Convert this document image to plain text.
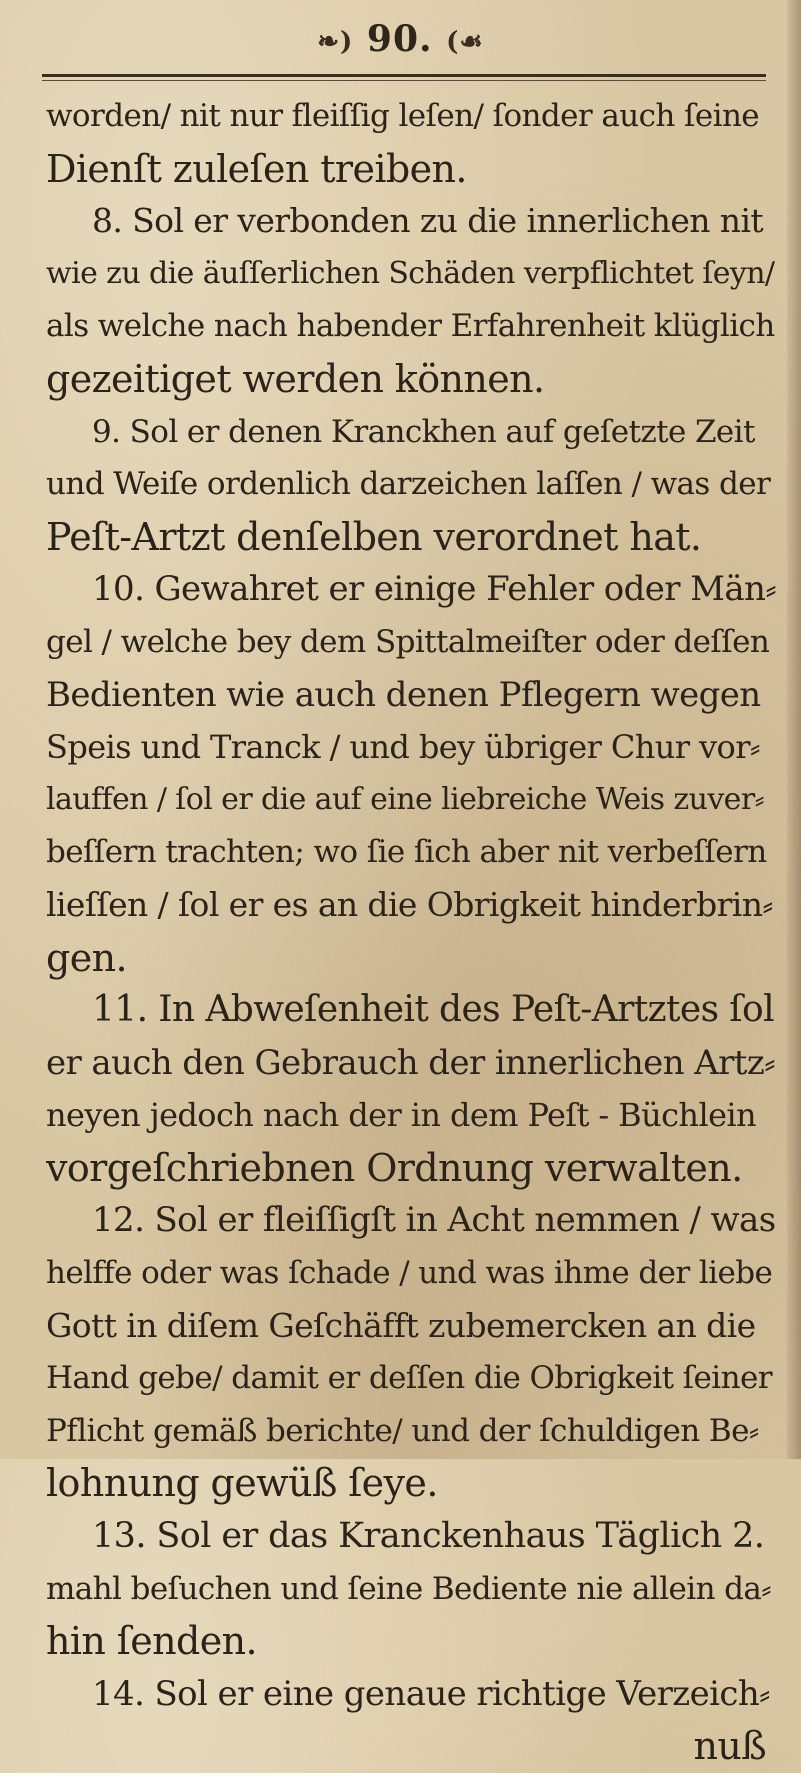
❧) 90. (☙
worden/ nit nur fleiſſig leſen/ ſonder auch ſeine
Dienſt zuleſen treiben.
8. Sol er verbonden zu die innerlichen nit
wie zu die äuſſerlichen Schäden verpflichtet ſeyn/
als welche nach habender Erfahrenheit klüglich
gezeitiget werden können.
9. Sol er denen Kranckhen auf geſetzte Zeit
und Weiſe ordenlich darzeichen laſſen / was der
Peſt-Artzt denſelben verordnet hat.
10. Gewahret er einige Fehler oder Män⸗
gel / welche bey dem Spittalmeiſter oder deſſen
Bedienten wie auch denen Pflegern wegen
Speis und Tranck / und bey übriger Chur vor⸗
lauffen / ſol er die auf eine liebreiche Weis zuver⸗
beſſern trachten; wo ſie ſich aber nit verbeſſern
lieſſen / ſol er es an die Obrigkeit hinderbrin⸗
gen.
11. In Abweſenheit des Peſt-Artztes ſol
er auch den Gebrauch der innerlichen Artz⸗
neyen jedoch nach der in dem Peſt - Büchlein
vorgeſchriebnen Ordnung verwalten.
12. Sol er fleiſſigſt in Acht nemmen / was
helffe oder was ſchade / und was ihme der liebe
Gott in diſem Geſchäfft zubemercken an die
Hand gebe/ damit er deſſen die Obrigkeit ſeiner
Pflicht gemäß berichte/ und der ſchuldigen Be⸗
lohnung gewüß ſeye.
13. Sol er das Kranckenhaus Täglich 2.
mahl beſuchen und ſeine Bediente nie allein da⸗
hin ſenden.
14. Sol er eine genaue richtige Verzeich⸗
nuß
